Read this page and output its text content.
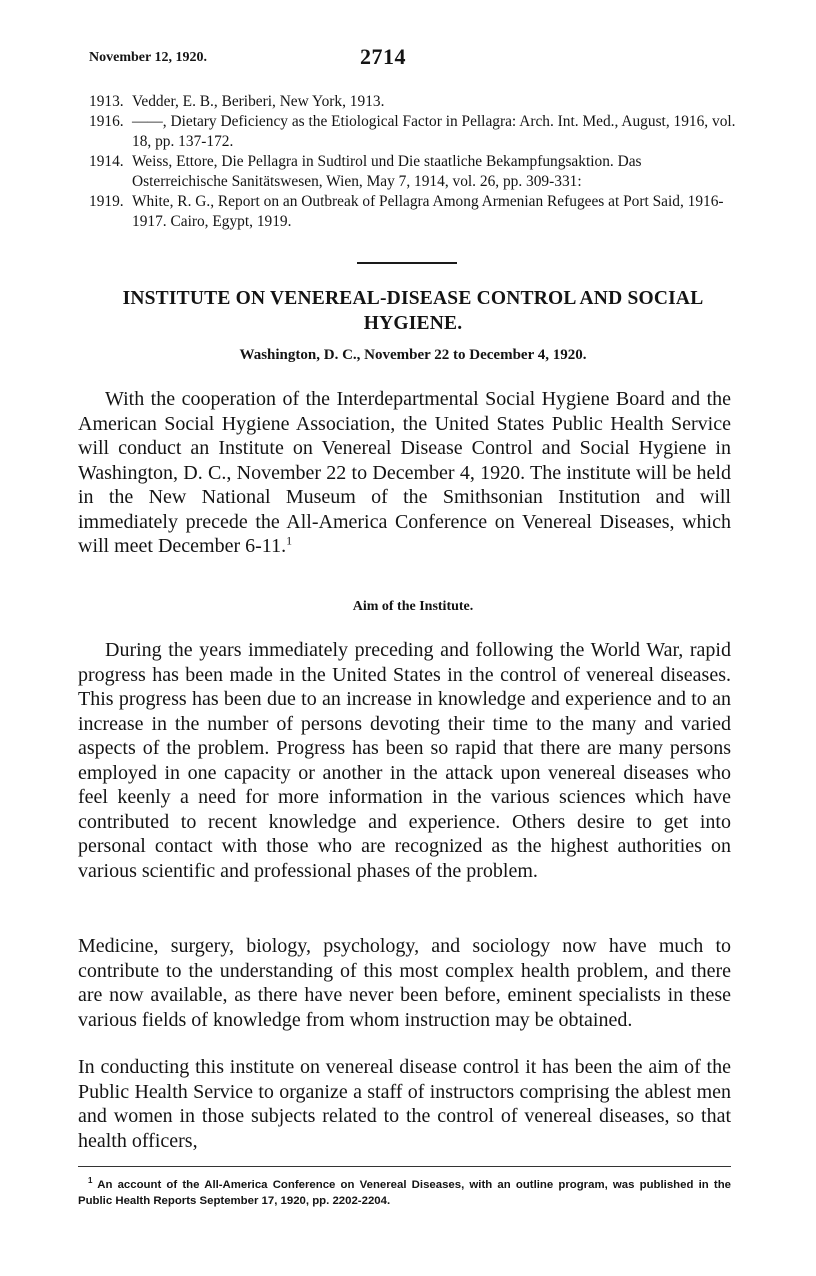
November 12, 1920.	2714
1913. Vedder, E. B., Beriberi, New York, 1913.
1916. ——, Dietary Deficiency as the Etiological Factor in Pellagra: Arch. Int. Med., August, 1916, vol. 18, pp. 137-172.
1914. Weiss, Ettore, Die Pellagra in Sudtirol und Die staatliche Bekampfungsaktion. Das Osterreichische Sanitätswesen, Wien, May 7, 1914, vol. 26, pp. 309-331:
1919. White, R. G., Report on an Outbreak of Pellagra Among Armenian Refugees at Port Said, 1916-1917. Cairo, Egypt, 1919.
INSTITUTE ON VENEREAL-DISEASE CONTROL AND SOCIAL HYGIENE.
Washington, D. C., November 22 to December 4, 1920.

With the cooperation of the Interdepartmental Social Hygiene Board and the American Social Hygiene Association, the United States Public Health Service will conduct an Institute on Venereal Disease Control and Social Hygiene in Washington, D. C., November 22 to December 4, 1920. The institute will be held in the New National Museum of the Smithsonian Institution and will immediately precede the All-America Conference on Venereal Diseases, which will meet December 6-11.$^1$

Aim of the Institute.

During the years immediately preceding and following the World War, rapid progress has been made in the United States in the control of venereal diseases. This progress has been due to an increase in knowledge and experience and to an increase in the number of persons devoting their time to the many and varied aspects of the problem. Progress has been so rapid that there are many persons employed in one capacity or another in the attack upon venereal diseases who feel keenly a need for more information in the various sciences which have contributed to recent knowledge and experience. Others desire to get into personal contact with those who are recognized as the highest authorities on various scientific and professional phases of the problem.

Medicine, surgery, biology, psychology, and sociology now have much to contribute to the understanding of this most complex health problem, and there are now available, as there have never been before, eminent specialists in these various fields of knowledge from whom instruction may be obtained.

In conducting this institute on venereal disease control it has been the aim of the Public Health Service to organize a staff of instructors comprising the ablest men and women in those subjects related to the control of venereal diseases, so that health officers,

$^1$ An account of the All-America Conference on Venereal Diseases, with an outline program, was published in the Public Health Reports September 17, 1920, pp. 2202-2204.
